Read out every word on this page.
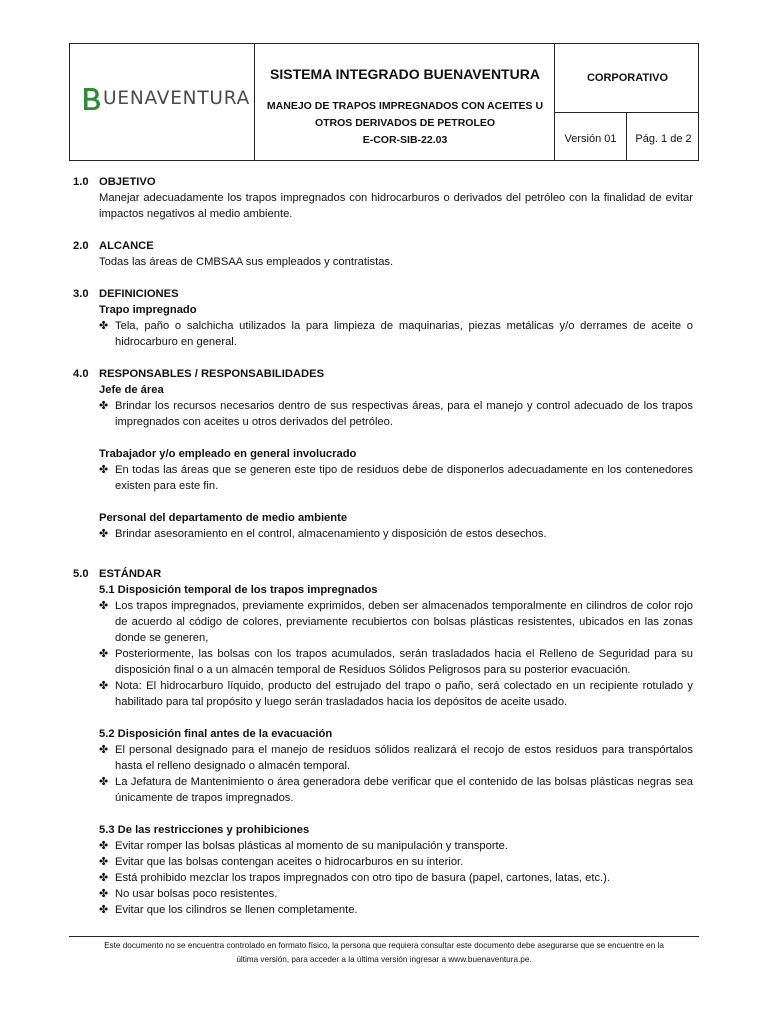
UENAVENTURA
SISTEMA INTEGRADO BUENAVENTURA
MANEJO DE TRAPOS IMPREGNADOS CON ACEITES U
OTROS DERIVADOS DE PETROLEO
E-COR-SIB-22.03
CORPORATIVO
Versión 01	Pág. 1 de 2
1.0 OBJETIVO
Manejar adecuadamente los trapos impregnados con hidrocarburos o derivados del petróleo con la finalidad de evitar impactos negativos al medio ambiente.
2.0 ALCANCE
Todas las áreas de CMBSAA sus empleados y contratistas.
3.0 DEFINICIONES
Trapo impregnado
✤ Tela, paño o salchicha utilizados la para limpieza de maquinarias, piezas metálicas y/o derrames de aceite o hidrocarburo en general.
4.0 RESPONSABLES / RESPONSABILIDADES
Jefe de área
✤ Brindar los recursos necesarios dentro de sus respectivas áreas, para el manejo y control adecuado de los trapos impregnados con aceites u otros derivados del petróleo.
Trabajador y/o empleado en general involucrado
✤ En todas las áreas que se generen este tipo de residuos debe de disponerlos adecuadamente en los contenedores existen para este fin.
Personal del departamento de medio ambiente
✤ Brindar asesoramiento en el control, almacenamiento y disposición de estos desechos.
5.0 ESTÁNDAR
5.1 Disposición temporal de los trapos impregnados
✤ Los trapos impregnados, previamente exprimidos, deben ser almacenados temporalmente en cilindros de color rojo de acuerdo al código de colores, previamente recubiertos con bolsas plásticas resistentes, ubicados en las zonas donde se generen,
✤ Posteriormente, las bolsas con los trapos acumulados, serán trasladados hacia el Relleno de Seguridad para su disposición final o a un almacén temporal de Residuos Sólidos Peligrosos para su posterior evacuación.
✤ Nota: El hidrocarburo líquido, producto del estrujado del trapo o paño, será colectado en un recipiente rotulado y habilitado para tal propósito y luego serán trasladados hacia los depósitos de aceite usado.
5.2 Disposición final antes de la evacuación
✤ El personal designado para el manejo de residuos sólidos realizará el recojo de estos residuos para transpórtalos hasta el relleno designado o almacén temporal.
✤ La Jefatura de Mantenimiento o área generadora debe verificar que el contenido de las bolsas plásticas negras sea únicamente de trapos impregnados.
5.3 De las restricciones y prohibiciones
✤ Evitar romper las bolsas plásticas al momento de su manipulación y transporte.
✤ Evitar que las bolsas contengan aceites o hidrocarburos en su interior.
✤ Está prohibido mezclar los trapos impregnados con otro tipo de basura (papel, cartones, latas, etc.).
✤ No usar bolsas poco resistentes.
✤ Evitar que los cilindros se llenen completamente.
Este documento no se encuentra controlado en formato físico, la persona que requiera consultar este documento debe asegurarse que se encuentre en la
última versión, para acceder a la última versión ingresar a www.buenaventura.pe.
